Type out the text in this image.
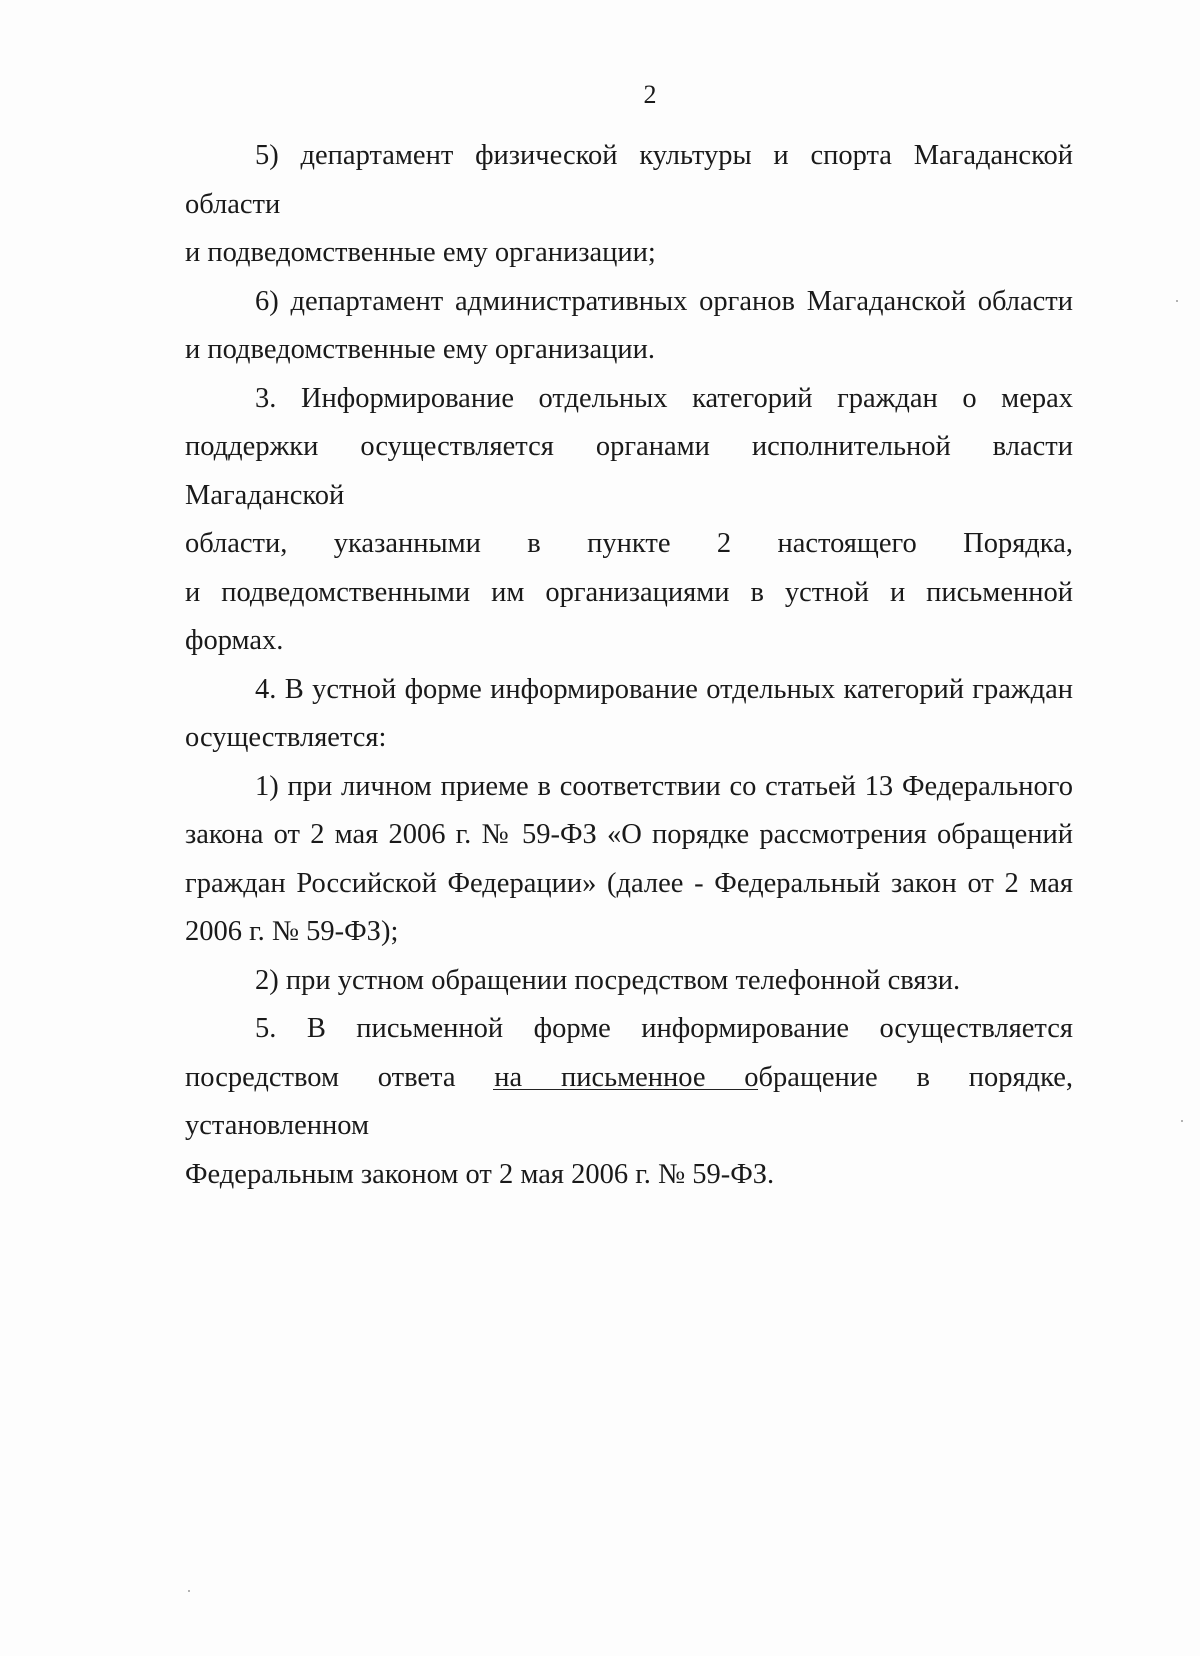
2

5) департамент физической культуры и спорта Магаданской области
и подведомственные ему организации;

6) департамент административных органов Магаданской области
и подведомственные ему организации.

3. Информирование отдельных категорий граждан о мерах
поддержки осуществляется органами исполнительной власти Магаданской
области, указанными в пункте 2 настоящего Порядка,
и подведомственными им организациями в устной и письменной формах.

4. В устной форме информирование отдельных категорий граждан
осуществляется:

1) при личном приеме в соответствии со статьей 13 Федерального
закона от 2 мая 2006 г. № 59-ФЗ «О порядке рассмотрения обращений
граждан Российской Федерации» (далее - Федеральный закон от 2 мая
2006 г. № 59-ФЗ);

2) при устном обращении посредством телефонной связи.

5. В письменной форме информирование осуществляется
посредством ответа на письменное обращение в порядке, установленном
Федеральным законом от 2 мая 2006 г. № 59-ФЗ.
